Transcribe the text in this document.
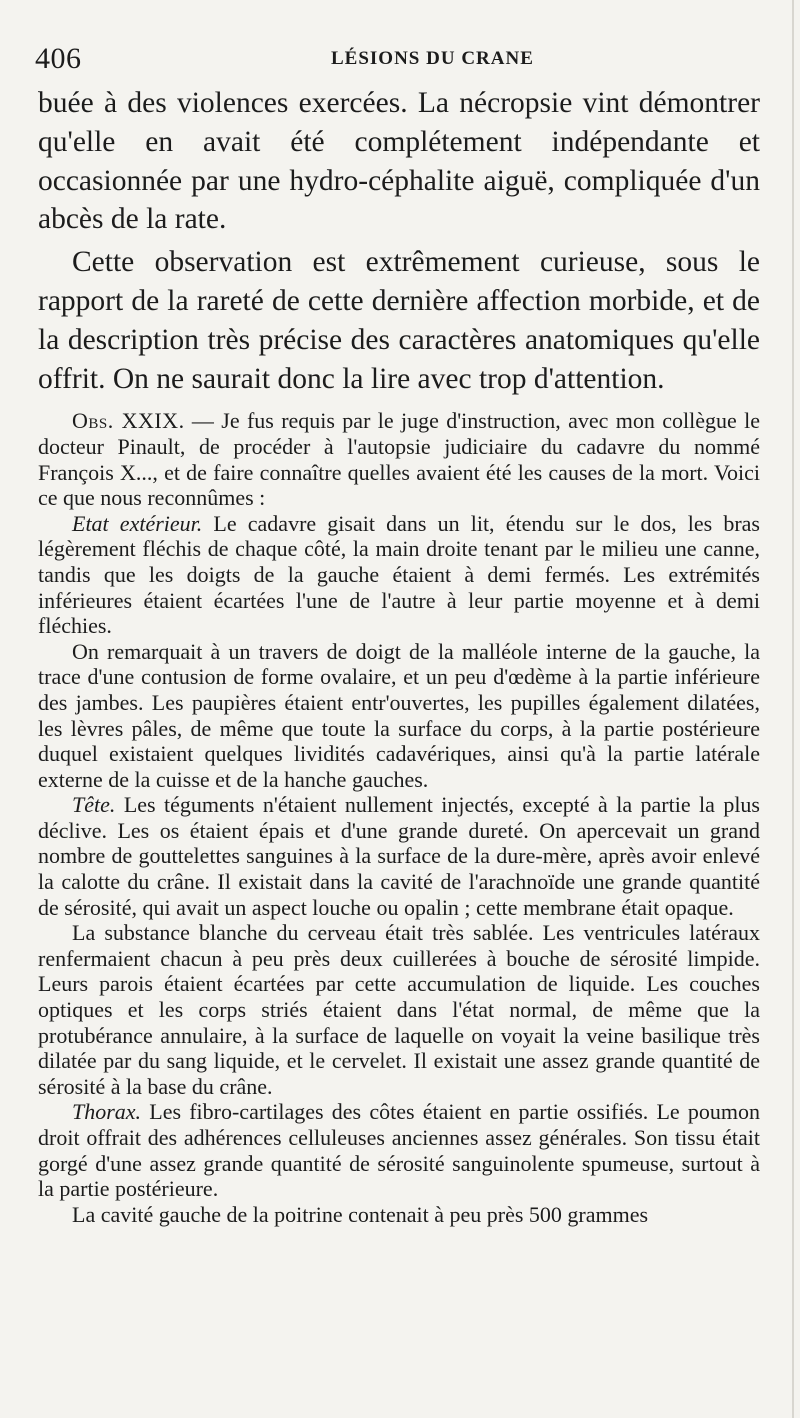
406	LÉSIONS DU CRANE

buée à des violences exercées. La nécropsie vint démontrer qu'elle en avait été complétement indépendante et occasionnée par une hydro-céphalite aiguë, compliquée d'un abcès de la rate.

Cette observation est extrêmement curieuse, sous le rapport de la rareté de cette dernière affection morbide, et de la description très précise des caractères anatomiques qu'elle offrit. On ne saurait donc la lire avec trop d'attention.

Obs. XXIX. — Je fus requis par le juge d'instruction, avec mon collègue le docteur Pinault, de procéder à l'autopsie judiciaire du cadavre du nommé François X..., et de faire connaître quelles avaient été les causes de la mort. Voici ce que nous reconnûmes :

Etat extérieur. Le cadavre gisait dans un lit, étendu sur le dos, les bras légèrement fléchis de chaque côté, la main droite tenant par le milieu une canne, tandis que les doigts de la gauche étaient à demi fermés. Les extrémités inférieures étaient écartées l'une de l'autre à leur partie moyenne et à demi fléchies.

On remarquait à un travers de doigt de la malléole interne de la gauche, la trace d'une contusion de forme ovalaire, et un peu d'œdème à la partie inférieure des jambes. Les paupières étaient entr'ouvertes, les pupilles également dilatées, les lèvres pâles, de même que toute la surface du corps, à la partie postérieure duquel existaient quelques lividités cadavériques, ainsi qu'à la partie latérale externe de la cuisse et de la hanche gauches.

Tête. Les téguments n'étaient nullement injectés, excepté à la partie la plus déclive. Les os étaient épais et d'une grande dureté. On apercevait un grand nombre de gouttelettes sanguines à la surface de la dure-mère, après avoir enlevé la calotte du crâne. Il existait dans la cavité de l'arachnoïde une grande quantité de sérosité, qui avait un aspect louche ou opalin ; cette membrane était opaque.

La substance blanche du cerveau était très sablée. Les ventricules latéraux renfermaient chacun à peu près deux cuillerées à bouche de sérosité limpide. Leurs parois étaient écartées par cette accumulation de liquide. Les couches optiques et les corps striés étaient dans l'état normal, de même que la protubérance annulaire, à la surface de laquelle on voyait la veine basilique très dilatée par du sang liquide, et le cervelet. Il existait une assez grande quantité de sérosité à la base du crâne.

Thorax. Les fibro-cartilages des côtes étaient en partie ossifiés. Le poumon droit offrait des adhérences celluleuses anciennes assez générales. Son tissu était gorgé d'une assez grande quantité de sérosité sanguinolente spumeuse, surtout à la partie postérieure.

La cavité gauche de la poitrine contenait à peu près 500 grammes
